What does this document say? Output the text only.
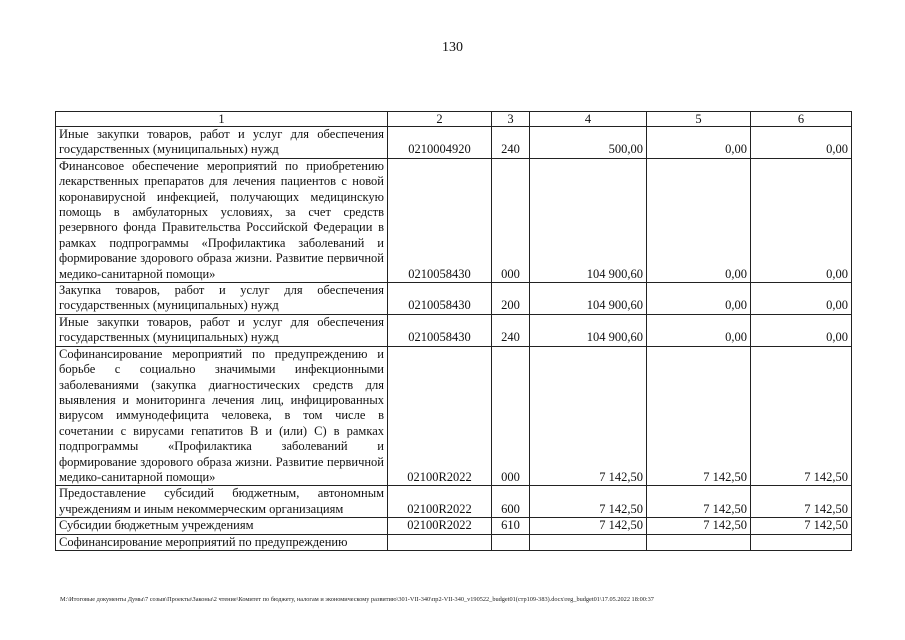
130
1	2	3	4	5	6
Иные закупки товаров, работ и услуг для обеспечения государственных (муниципальных) нужд	0210004920	240	500,00	0,00	0,00
Финансовое обеспечение мероприятий по приобретению лекарственных препаратов для лечения пациентов с новой коронавирусной инфекцией, получающих медицинскую помощь в амбулаторных условиях, за счет средств резервного фонда Правительства Российской Федерации в рамках подпрограммы «Профилактика заболеваний и формирование здорового образа жизни. Развитие первичной медико-санитарной помощи»	0210058430	000	104 900,60	0,00	0,00
Закупка товаров, работ и услуг для обеспечения государственных (муниципальных) нужд	0210058430	200	104 900,60	0,00	0,00
Иные закупки товаров, работ и услуг для обеспечения государственных (муниципальных) нужд	0210058430	240	104 900,60	0,00	0,00
Софинансирование мероприятий по предупреждению и борьбе с социально значимыми инфекционными заболеваниями (закупка диагностических средств для выявления и мониторинга лечения лиц, инфицированных вирусом иммунодефицита человека, в том числе в сочетании с вирусами гепатитов B и (или) C) в рамках подпрограммы «Профилактика заболеваний и формирование здорового образа жизни. Развитие первичной медико-санитарной помощи»	02100R2022	000	7 142,50	7 142,50	7 142,50
Предоставление субсидий бюджетным, автономным учреждениям и иным некоммерческим организациям	02100R2022	600	7 142,50	7 142,50	7 142,50
Субсидии бюджетным учреждениям	02100R2022	610	7 142,50	7 142,50	7 142,50
Софинансирование мероприятий по предупреждению					
M:\Итоговые документы Думы\7 созыв\Проекты\Законы\2 чтение\Комитет по бюджету, налогам и экономическому развитию\301-VII-340\пр2-VII-340_v190522_budget01(стр109-383).docx\reg_budget01\17.05.2022 18:00:37
